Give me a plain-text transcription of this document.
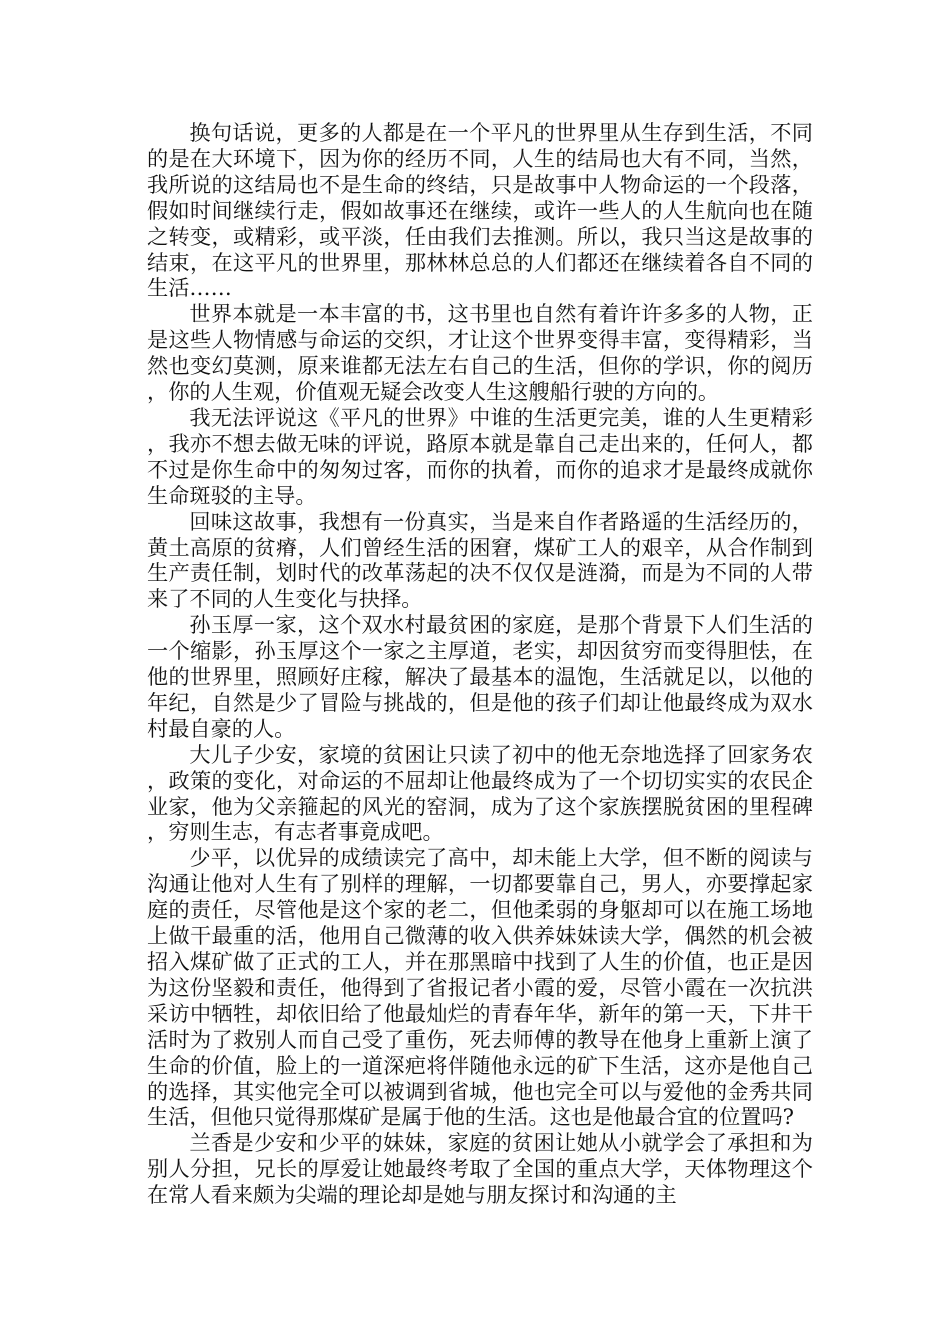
换句话说，更多的人都是在一个平凡的世界里从生存到生活，不同的是在大环境下，因为你的经历不同，人生的结局也大有不同，当然，我所说的这结局也不是生命的终结，只是故事中人物命运的一个段落，假如时间继续行走，假如故事还在继续，或许一些人的人生航向也在随之转变，或精彩，或平淡，任由我们去推测。所以，我只当这是故事的结束，在这平凡的世界里，那林林总总的人们都还在继续着各自不同的生活……

世界本就是一本丰富的书，这书里也自然有着许许多多的人物，正是这些人物情感与命运的交织，才让这个世界变得丰富，变得精彩，当然也变幻莫测，原来谁都无法左右自己的生活，但你的学识，你的阅历，你的人生观，价值观无疑会改变人生这艘船行驶的方向的。

我无法评说这《平凡的世界》中谁的生活更完美，谁的人生更精彩，我亦不想去做无味的评说，路原本就是靠自己走出来的，任何人，都不过是你生命中的匆匆过客，而你的执着，而你的追求才是最终成就你生命斑驳的主导。

回味这故事，我想有一份真实，当是来自作者路遥的生活经历的，黄土高原的贫瘠，人们曾经生活的困窘，煤矿工人的艰辛，从合作制到生产责任制，划时代的改革荡起的决不仅仅是涟漪，而是为不同的人带来了不同的人生变化与抉择。

孙玉厚一家，这个双水村最贫困的家庭，是那个背景下人们生活的一个缩影，孙玉厚这个一家之主厚道，老实，却因贫穷而变得胆怯，在他的世界里，照顾好庄稼，解决了最基本的温饱，生活就足以，以他的年纪，自然是少了冒险与挑战的，但是他的孩子们却让他最终成为双水村最自豪的人。

大儿子少安，家境的贫困让只读了初中的他无奈地选择了回家务农，政策的变化，对命运的不屈却让他最终成为了一个切切实实的农民企业家，他为父亲箍起的风光的窑洞，成为了这个家族摆脱贫困的里程碑，穷则生志，有志者事竟成吧。

少平，以优异的成绩读完了高中，却未能上大学，但不断的阅读与沟通让他对人生有了别样的理解，一切都要靠自己，男人，亦要撑起家庭的责任，尽管他是这个家的老二，但他柔弱的身躯却可以在施工场地上做干最重的活，他用自己微薄的收入供养妹妹读大学，偶然的机会被招入煤矿做了正式的工人，并在那黑暗中找到了人生的价值，也正是因为这份坚毅和责任，他得到了省报记者小霞的爱，尽管小霞在一次抗洪采访中牺牲，却依旧给了他最灿烂的青春年华，新年的第一天，下井干活时为了救别人而自己受了重伤，死去师傅的教导在他身上重新上演了生命的价值，脸上的一道深疤将伴随他永远的矿下生活，这亦是他自己的选择，其实他完全可以被调到省城，他也完全可以与爱他的金秀共同生活，但他只觉得那煤矿是属于他的生活。这也是他最合宜的位置吗?

兰香是少安和少平的妹妹，家庭的贫困让她从小就学会了承担和为别人分担，兄长的厚爱让她最终考取了全国的重点大学，天体物理这个在常人看来颇为尖端的理论却是她与朋友探讨和沟通的主
